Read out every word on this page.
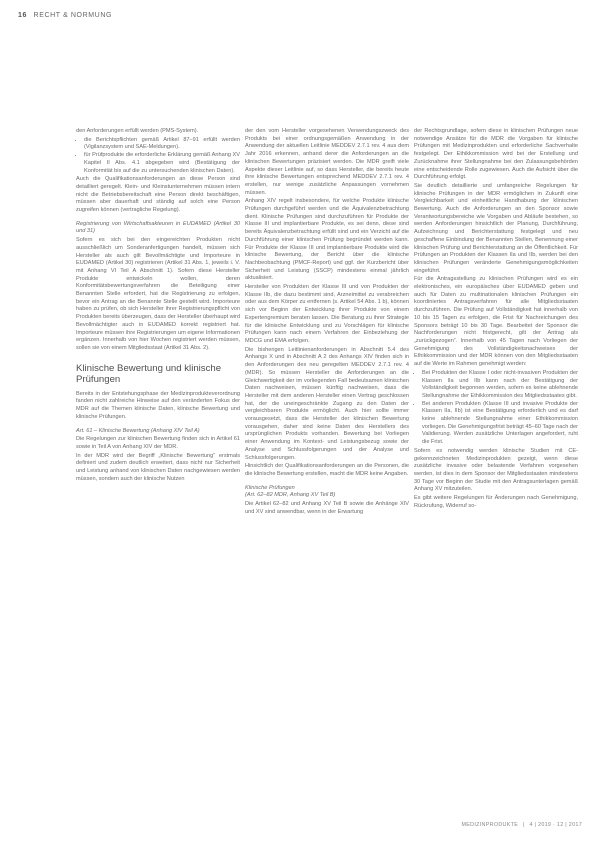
16 RECHT & NORMUNG

den Anforderungen erfüllt werden (PMS-System).

• die Berichtspflichten gemäß Artikel 87–91 erfüllt werden (Vigilanzsystem und SAE-Meldungen).
• für Prüfprodukte die erforderliche Erklärung gemäß Anhang XV Kapitel II Abs. 4.1 abgegeben wird (Bestätigung der Konformität bis auf die zu untersuchenden klinischen Daten).

Auch die Qualifikationsanforderungen an diese Person sind detailliert geregelt. Klein- und Kleinstunternehmen müssen intern nicht die Betriebsbereitschaft eine Person direkt beschäftigen, müssen aber dauerhaft und ständig auf solch eine Person zugreifen können (vertragliche Regelung).

Registrierung von Wirtschaftsakteuren in EUDAMED (Artikel 30 und 31)

Sofern es sich bei den eingereichten Produkten nicht ausschließlich um Sonderanfertigungen handelt, müssen sich Hersteller als auch gilt Bevollmächtigte und Importeure in EUDAMED (Artikel 30) registrieren (Artikel 31 Abs. 1, jeweils i. V. mit Anhang VI Teil A Abschnitt 1). Sofern diese Hersteller Produkte entwickeln wollen, deren Konformitätsbewertungsverfahren die Beteiligung einer Benannten Stelle erfordert, hat die Registrierung zu erfolgen, bevor ein Antrag an die Benannte Stelle gestellt wird. Importeure haben zu prüfen, ob sich Hersteller ihrer Registrierungspflicht von Produkten bereits überzeugen, dass der Hersteller überhaupt wird Bevollmächtigter auch in EUDAMED korrekt registriert hat. Importeure müssen ihre Registrierungen um eigene Informationen ergänzen. Innerhalb von hier Wochen registriert werden müssen, sollen sie von einem Mitgliedsstaat (Artikel 31 Abs. 2).

Klinische Bewertung und klinische Prüfungen

Bereits in der Entstehungsphase der Medizinprodukteverordnung fanden nicht zahlreiche Hinweise auf den veränderten Fokus der MDR auf die Themen klinische Daten, klinische Bewertung und klinische Prüfungen.

Art. 61 – Klinische Bewertung (Anhang XIV Teil A)

Die Regelungen zur klinischen Bewertung finden sich in Artikel 61 sowie in Teil A von Anhang XIV der MDR.

In der MDR wird der Begriff „Klinische Bewertung“ erstmals definiert und zudem deutlich erweitert, dass nicht nur Sicherheit und Leistung anhand von klinischen Daten nachgewiesen werden müssen, sondern auch der klinische Nutzen

der den vom Hersteller vorgesehenen Verwendungszweck des Produkts bei einer ordnungsgemäßen Anwendung in der Anwendung der aktuellen Leitlinie MEDDEV 2.7.1 rev. 4 aus dem Jahr 2016 erkennen, anhand derer die Anforderungen an die klinischen Bewertungen präzisiert werden. Die MDR greift viele Aspekte dieser Leitlinie auf, so dass Hersteller, die bereits heute ihre klinische Bewertungen entsprechend MEDDEV 2.7.1 rev. 4 erstellen, nur wenige zusätzliche Anpassungen vornehmen müssen.

Anhang XIV regelt insbesondere, für welche Produkte klinische Prüfungen durchgeführt werden und die Äquivalenzbetrachtung dient. Klinische Prüfungen sind durchzuführen für Produkte der Klasse III und implantierbare Produkte, es sei denn, diese sind bereits Äquivalenzbetrachtung erfüllt sind und ein Verzicht auf die Durchführung einer klinischen Prüfung begründet werden kann. Für Produkte der Klasse III und implantierbare Produkte wird die klinische Bewertung, der Bericht über die klinische Nachbeobachtung (PMCF-Report) und ggf. der Kurzbericht über Sicherheit und Leistung (SSCP) mindestens einmal jährlich aktualisiert.

Hersteller von Produkten der Klasse III und von Produkten der Klasse IIb, die dazu bestimmt sind, Arzneimittel zu verabreichen oder aus dem Körper zu entfernen (s. Artikel 54 Abs. 1 b), können sich vor Beginn der Entwicklung ihrer Produkte von einem Expertengremium beraten lassen. Die Beratung zu ihrer Strategie für die klinische Entwicklung und zu Vorschlägen für klinische Prüfungen kann nach einem Verfahren der Einbeziehung der MDCG und EMA erfolgen.

Die bisherigen Leitlinienanforderungen in Abschnitt 5.4 des Anhangs X und in Abschnitt A 2 des Anhangs XIV finden sich in den Anforderungen des neu geregelten MEDDEV 2.7.1 rev. 4 (MDR). So müssen Hersteller die Anforderungen an die Gleichwertigkeit der im vorliegenden Fall bedeutsamen klinischen Daten nachweisen, müssen künftig nachweisen, dass die Hersteller mit dem anderen Hersteller einen Vertrag geschlossen hat, der die uneingeschränkte Zugang zu den Daten der vergleichbaren Produkte ermöglicht. Auch hier sollte immer vorausgesetzt, dass die Hersteller der klinischen Bewertung vorausgehen, daher sind keine Daten des Herstellers des ursprünglichen Produkts vorhanden. Bewertung bei Vorliegen einer Anwendung im Kontext- und Leistungsbezug sowie der Analyse und Schlussfolgerungen und der Analyse und Schlussfolgerungen.

Hinsichtlich der Qualifikationsanforderungen an die Personen, die die klinische Bewertung erstellen, macht die MDR keine Angaben.

Klinische Prüfungen

(Art. 62–82 MDR, Anhang XV Teil B)

Die Artikel 62–82 und Anhang XV Teil B sowie die Anhänge XIV und XV sind anwendbar, wenn in der Erwartung

der Rechtsgrundlage, sofern diese in klinischen Prüfungen neue notwendige Ansätze für die MDR die Vorgaben für klinische Prüfungen mit Medizinprodukten und erforderliche Sachverhalte festgelegt. Der Ethikkommission wird bei der Erstellung und Zurücknahme ihrer Stellungnahme bei den Zulassungsbehörden eine entscheidende Rolle zugewiesen. Auch die Aufsicht über die Durchführung erfolgt.

Sie deutlich detaillierte und umfangreiche Regelungen für klinische Prüfungen in der MDR ermöglichen in Zukunft eine Vergleichbarkeit und einheitliche Handhabung der klinischen Bewertung. Auch die Anforderungen an den Sponsor sowie Verantwortungsbereiche wie Vorgaben und Abläufe bestehen, so werden Anforderungen hinsichtlich der Planung, Durchführung, Aufzeichnung und Berichterstattung festgelegt und neu geschaffene Einbindung der Benannten Stellen, Benennung einer klinischen Prüfung und Berichterstattung an die Öffentlichkeit. Für Prüfungen an Produkten der Klassen IIa und IIb, werden bei den klinischen Prüfungen veränderte Genehmigungsmöglichkeiten eingeführt.

Für die Antragsstellung zu klinischen Prüfungen wird es ein elektronisches, ein europäisches über EUDAMED geben und auch für Daten zu multinationalen klinischen Prüfungen ein koordiniertes Antragsverfahren für alle Mitgliedsstaaten durchzuführen. Die Prüfung auf Vollständigkeit hat innerhalb von 10 bis 15 Tagen zu erfolgen, die Frist für Nachreichungen des Sponsors beträgt 10 bis 30 Tage. Bearbeitet der Sponsor die Nachforderungen nicht fristgerecht, gilt der Antrag als „zurückgezogen“. Innerhalb von 45 Tagen nach Vorliegen der Genehmigung des Vollständigkeitsnachweises der Ethikkommission und der MDR können von den Mitgliedsstaaten auf die Werte im Rahmen genehmigt werden:

• Bei Produkten der Klasse I oder nicht-invasiven Produkten der Klassen IIa und IIb kann nach der Bestätigung der Vollständigkeit begonnen werden, sofern es keine ablehnende Stellungnahme der Ethikkommission des Mitgliedsstaates gibt.
• Bei anderen Produkten (Klasse III und invasive Produkte der Klassen IIa, IIb) ist eine Bestätigung erforderlich und es darf keine ablehnende Stellungnahme einer Ethikkommission vorliegen. Die Genehmigungsfrist beträgt 45–60 Tage nach der Validierung. Werden zusätzliche Unterlagen angefordert, ruht die Frist.

Sofern es notwendig werden klinische Studien mit CE-gekennzeichneten Medizinprodukten gezeigt, wenn diese zusätzliche invasive oder belastende Verfahren vorgesehen werden, ist dies in dem Sponsor der Mitgliedsstaaten mindestens 30 Tage vor Beginn der Studie mit den Antragsunterlagen gemäß Anhang XV mitzuteilen.

Es gibt weitere Regelungen für Änderungen nach Genehmigung, Rückrufung, Widerruf so-

MEDIZINPRODUKTE | 4 | 2019 · 12 | 2017
